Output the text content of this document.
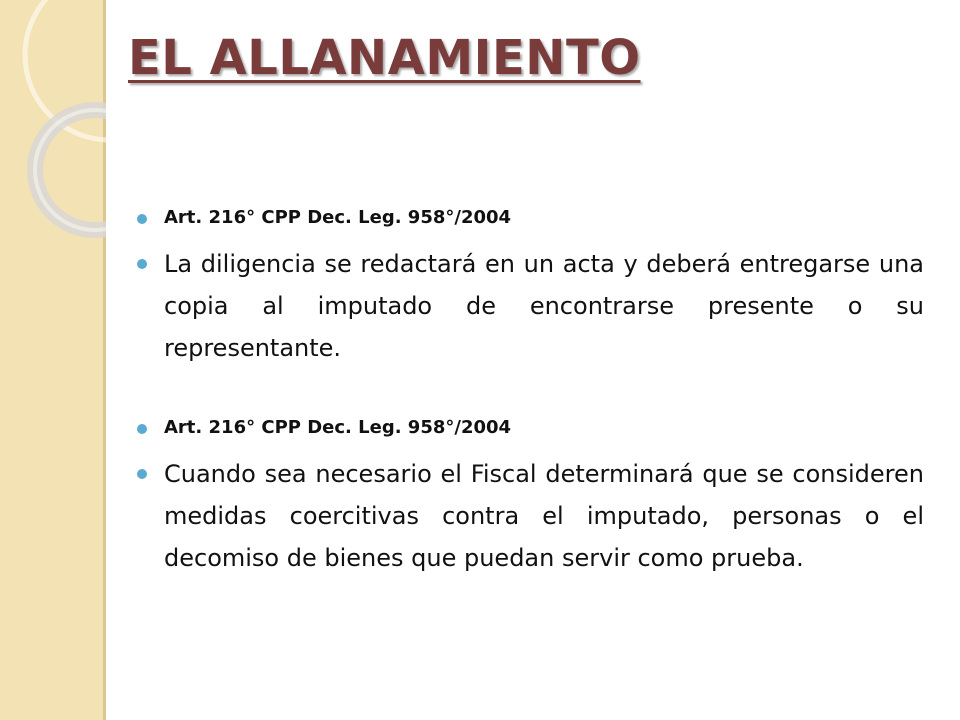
EL ALLANAMIENTO
Art. 216° CPP Dec. Leg. 958°/2004
La diligencia se redactará en un acta y deberá entregarse una copia al imputado de encontrarse presente o su representante.
Art. 216° CPP Dec. Leg. 958°/2004
Cuando sea necesario el Fiscal determinará que se consideren medidas coercitivas contra el imputado, personas o el decomiso de bienes que puedan servir como prueba.
